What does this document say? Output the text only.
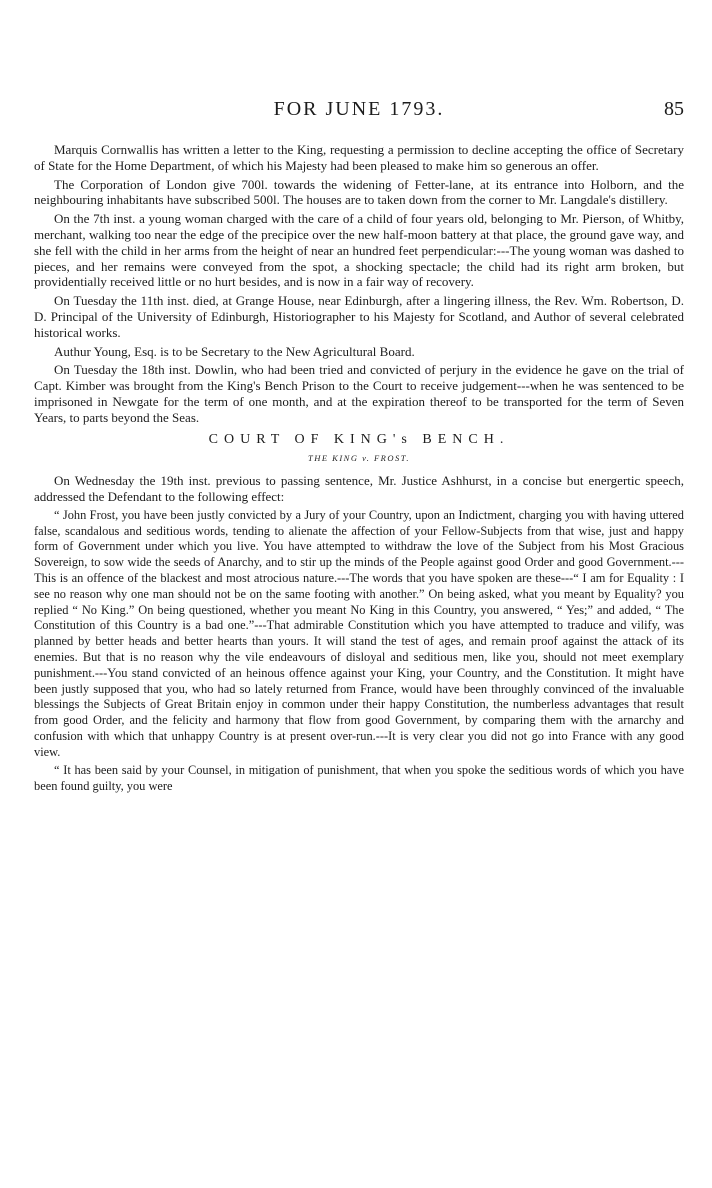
FOR JUNE 1793.	85

Marquis Cornwallis has written a letter to the King, requesting a permission to decline accepting the office of Secretary of State for the Home Department, of which his Majesty had been pleased to make him so generous an offer.

The Corporation of London give 700l. towards the widening of Fetter-lane, at its entrance into Holborn, and the neighbouring inhabitants have subscribed 500l. The houses are to taken down from the corner to Mr. Langdale's distillery.

On the 7th inst. a young woman charged with the care of a child of four years old, belonging to Mr. Pierson, of Whitby, merchant, walking too near the edge of the precipice over the new half-moon battery at that place, the ground gave way, and she fell with the child in her arms from the height of near an hundred feet perpendicular:---The young woman was dashed to pieces, and her remains were conveyed from the spot, a shocking spectacle; the child had its right arm broken, but providentially received little or no hurt besides, and is now in a fair way of recovery.

On Tuesday the 11th inst. died, at Grange House, near Edinburgh, after a lingering illness, the Rev. Wm. Robertson, D. D. Principal of the University of Edinburgh, Historiographer to his Majesty for Scotland, and Author of several celebrated historical works.

Authur Young, Esq. is to be Secretary to the New Agricultural Board.

On Tuesday the 18th inst. Dowlin, who had been tried and convicted of perjury in the evidence he gave on the trial of Capt. Kimber was brought from the King's Bench Prison to the Court to receive judgement---when he was sentenced to be imprisoned in Newgate for the term of one month, and at the expiration thereof to be transported for the term of Seven Years, to parts beyond the Seas.

COURT OF KING's BENCH.
THE KING v. FROST.

On Wednesday the 19th inst. previous to passing sentence, Mr. Justice Ashhurst, in a concise but energertic speech, addressed the Defendant to the following effect:

“ John Frost, you have been justly convicted by a Jury of your Country, upon an Indictment, charging you with having uttered false, scandalous and seditious words, tending to alienate the affection of your Fellow-Subjects from that wise, just and happy form of Government under which you live. You have attempted to withdraw the love of the Subject from his Most Gracious Sovereign, to sow wide the seeds of Anarchy, and to stir up the minds of the People against good Order and good Government.---This is an offence of the blackest and most atrocious nature.---The words that you have spoken are these---“ I am for Equality : I see no reason why one man should not be on the same footing with another.” On being asked, what you meant by Equality? you replied “ No King.” On being questioned, whether you meant No King in this Country, you answered, “ Yes;” and added, “ The Constitution of this Country is a bad one.”---That admirable Constitution which you have attempted to traduce and vilify, was planned by better heads and better hearts than yours. It will stand the test of ages, and remain proof against the attack of its enemies. But that is no reason why the vile endeavours of disloyal and seditious men, like you, should not meet exemplary punishment.---You stand convicted of an heinous offence against your King, your Country, and the Constitution. It might have been justly supposed that you, who had so lately returned from France, would have been throughly convinced of the invaluable blessings the Subjects of Great Britain enjoy in common under their happy Constitution, the numberless advantages that result from good Order, and the felicity and harmony that flow from good Government, by comparing them with the arnarchy and confusion with which that unhappy Country is at present over-run.---It is very clear you did not go into France with any good view.

“ It has been said by your Counsel, in mitigation of punishment, that when you spoke the seditious words of which you have been found guilty, you were
